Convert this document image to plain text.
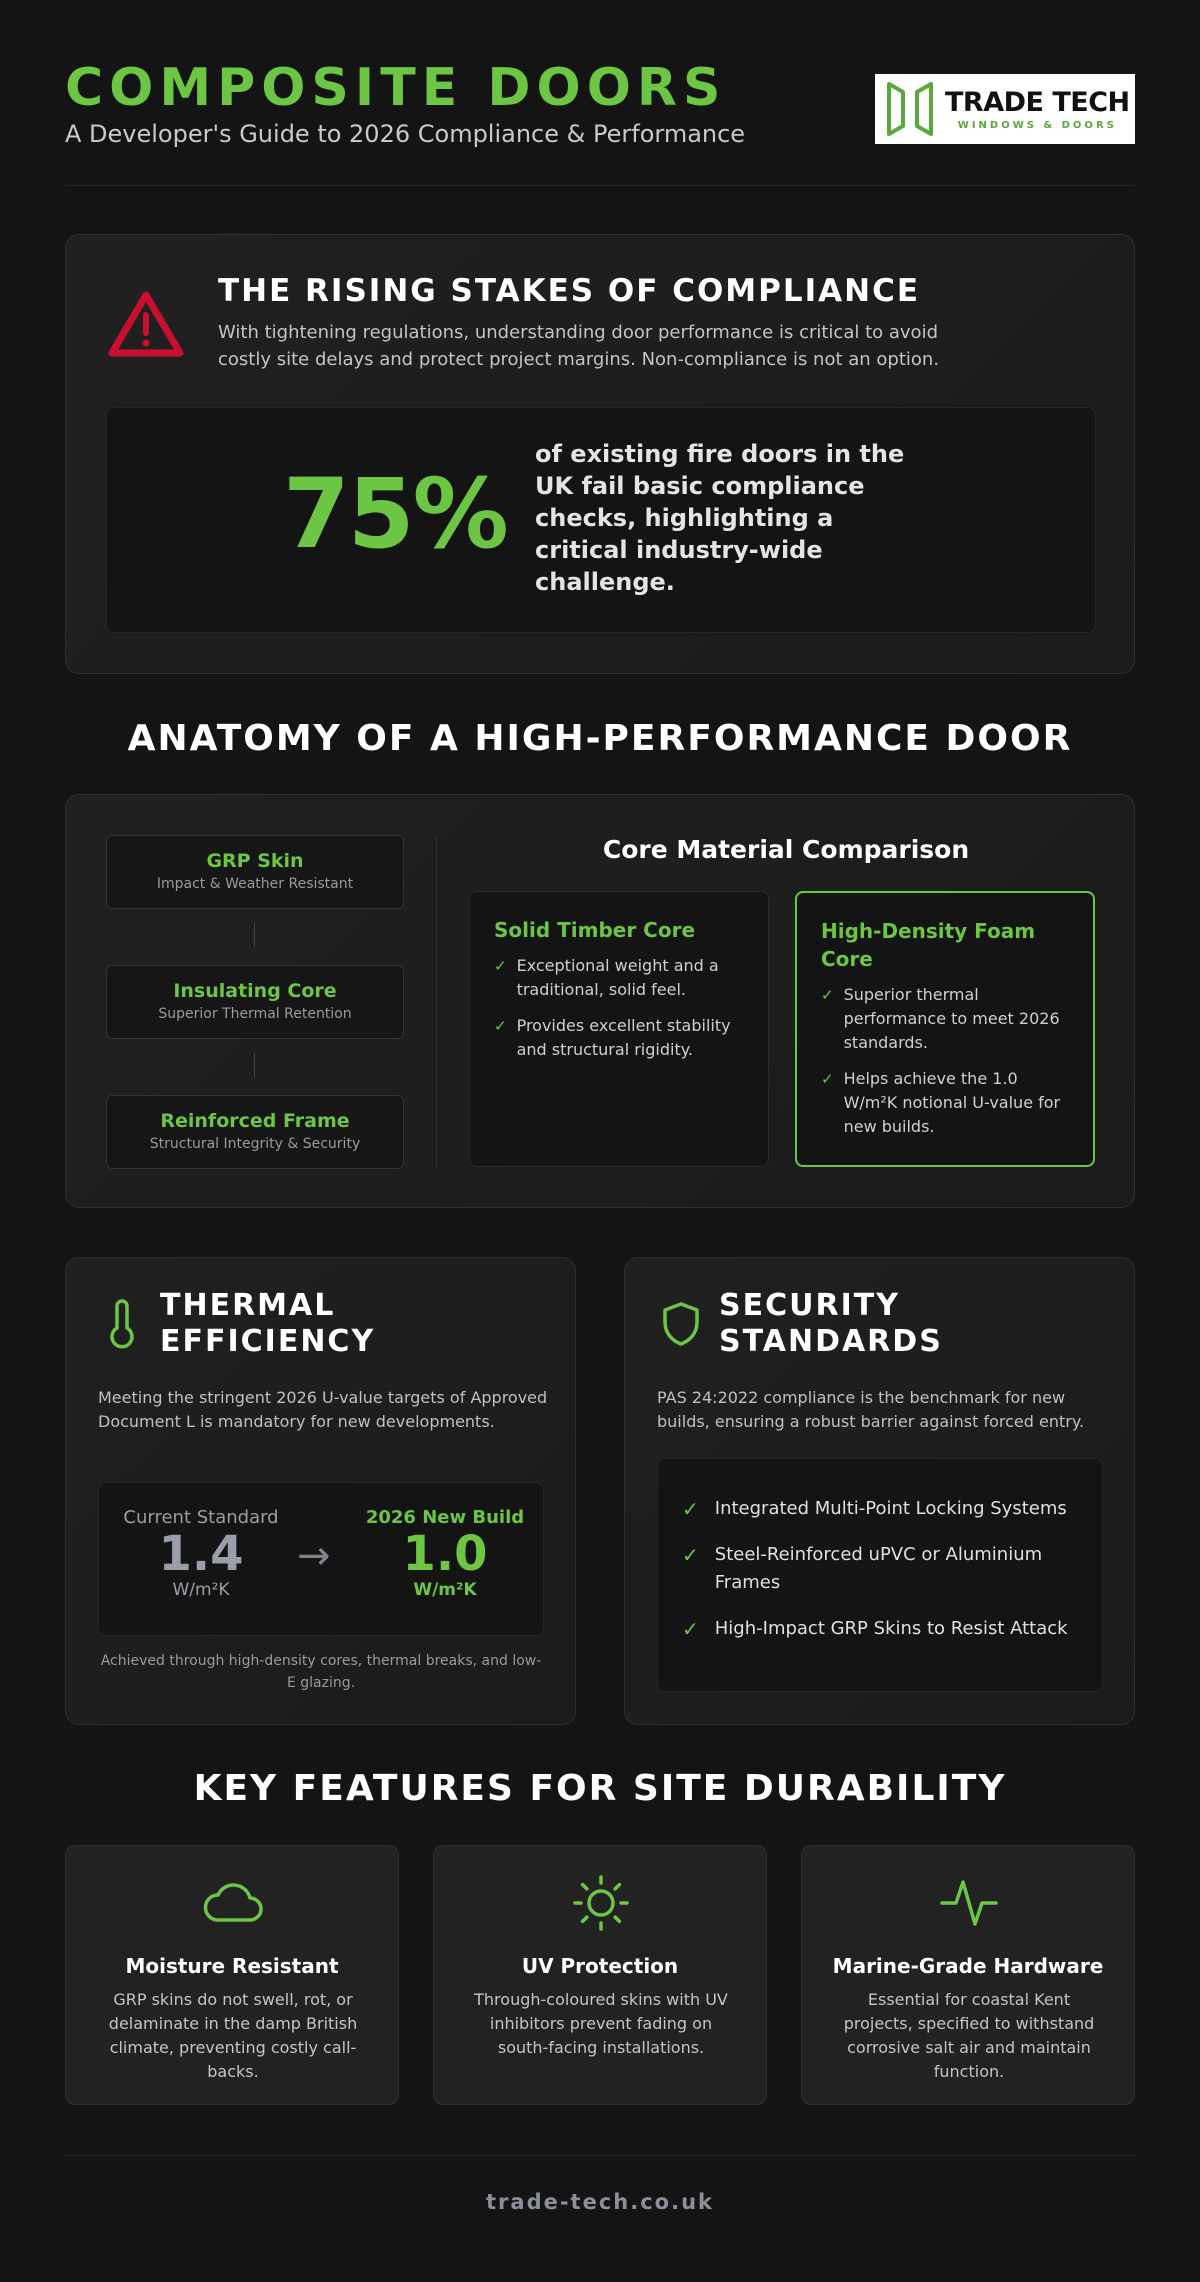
COMPOSITE DOORS
A Developer's Guide to 2026 Compliance & Performance
TRADE TECH
WINDOWS & DOORS
THE RISING STAKES OF COMPLIANCE
With tightening regulations, understanding door performance is critical to avoid costly site delays and protect project margins. Non-compliance is not an option.
75%
of existing fire doors in the UK fail basic compliance checks, highlighting a critical industry-wide challenge.
ANATOMY OF A HIGH-PERFORMANCE DOOR
GRP Skin
Impact & Weather Resistant
Insulating Core
Superior Thermal Retention
Reinforced Frame
Structural Integrity & Security
Core Material Comparison
Solid Timber Core
✓ Exceptional weight and a traditional, solid feel.
✓ Provides excellent stability and structural rigidity.
High-Density Foam Core
✓ Superior thermal performance to meet 2026 standards.
✓ Helps achieve the 1.0 W/m²K notional U-value for new builds.
THERMAL
EFFICIENCY
Meeting the stringent 2026 U-value targets of Approved Document L is mandatory for new developments.
Current Standard
1.4
W/m²K
→
2026 New Build
1.0
W/m²K
Achieved through high-density cores, thermal breaks, and low-E glazing.
SECURITY
STANDARDS
PAS 24:2022 compliance is the benchmark for new builds, ensuring a robust barrier against forced entry.
✓ Integrated Multi-Point Locking Systems
✓ Steel-Reinforced uPVC or Aluminium Frames
✓ High-Impact GRP Skins to Resist Attack
KEY FEATURES FOR SITE DURABILITY
Moisture Resistant
GRP skins do not swell, rot, or delaminate in the damp British climate, preventing costly call-backs.
UV Protection
Through-coloured skins with UV inhibitors prevent fading on south-facing installations.
Marine-Grade Hardware
Essential for coastal Kent projects, specified to withstand corrosive salt air and maintain function.
trade-tech.co.uk
